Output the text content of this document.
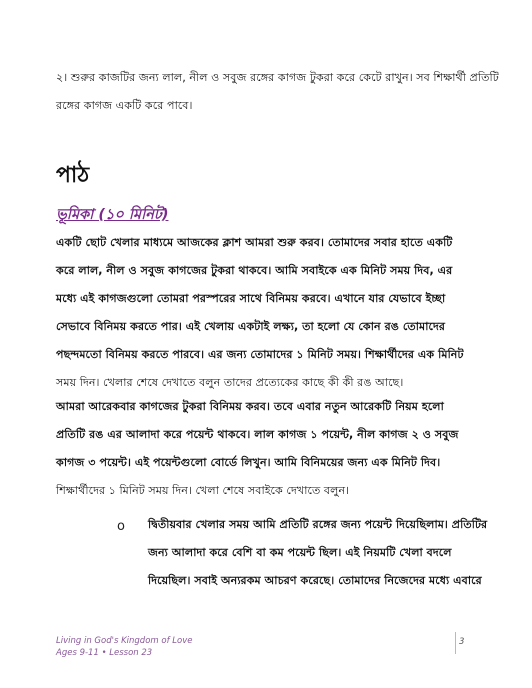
২। শুরুর কাজটির জন্য লাল, নীল ও সবুজ রঙ্গের কাগজ টুকরা করে কেটে রাখুন। সব শিক্ষার্থী প্রতিটি
রঙ্গের কাগজ একটি করে পাবে।

পাঠ
ভূমিকা (১০ মিনিট)

একটি ছোট খেলার মাধ্যমে আজকের ক্লাশ আমরা শুরু করব। তোমাদের সবার হাতে একটি
করে লাল, নীল ও সবুজ কাগজের টুকরা থাকবে। আমি সবাইকে এক মিনিট সময় দিব, এর
মধ্যে এই কাগজগুলো তোমরা পরস্পরের সাথে বিনিময় করবে। এখানে যার যেভাবে ইচ্ছা
সেভাবে বিনিময় করতে পার। এই খেলায় একটাই লক্ষ্য, তা হলো যে কোন রঙ তোমাদের
পছন্দমতো বিনিময় করতে পারবে। এর জন্য তোমাদের ১ মিনিট সময়। শিক্ষার্থীদের এক মিনিট
সময় দিন। খেলার শেষে দেখাতে বলুন তাদের প্রত্যেকের কাছে কী কী রঙ আছে।

আমরা আরেকবার কাগজের টুকরা বিনিময় করব। তবে এবার নতুন আরেকটি নিয়ম হলো
প্রতিটি রঙ এর আলাদা করে পয়েন্ট থাকবে। লাল কাগজ ১ পয়েন্ট, নীল কাগজ ২ ও সবুজ
কাগজ ৩ পয়েন্ট। এই পয়েন্টগুলো বোর্ডে লিখুন। আমি বিনিময়ের জন্য এক মিনিট দিব।
শিক্ষার্থীদের ১ মিনিট সময় দিন। খেলা শেষে সবাইকে দেখাতে বলুন।

o দ্বিতীয়বার খেলার সময় আমি প্রতিটি রঙ্গের জন্য পয়েন্ট দিয়েছিলাম। প্রতিটির
জন্য আলাদা করে বেশি বা কম পয়েন্ট ছিল। এই নিয়মটি খেলা বদলে
দিয়েছিল। সবাই অন্যরকম আচরণ করেছে। তোমাদের নিজেদের মধ্যে এবারে

Living in God's Kingdom of Love
Ages 9-11 • Lesson 23
3
